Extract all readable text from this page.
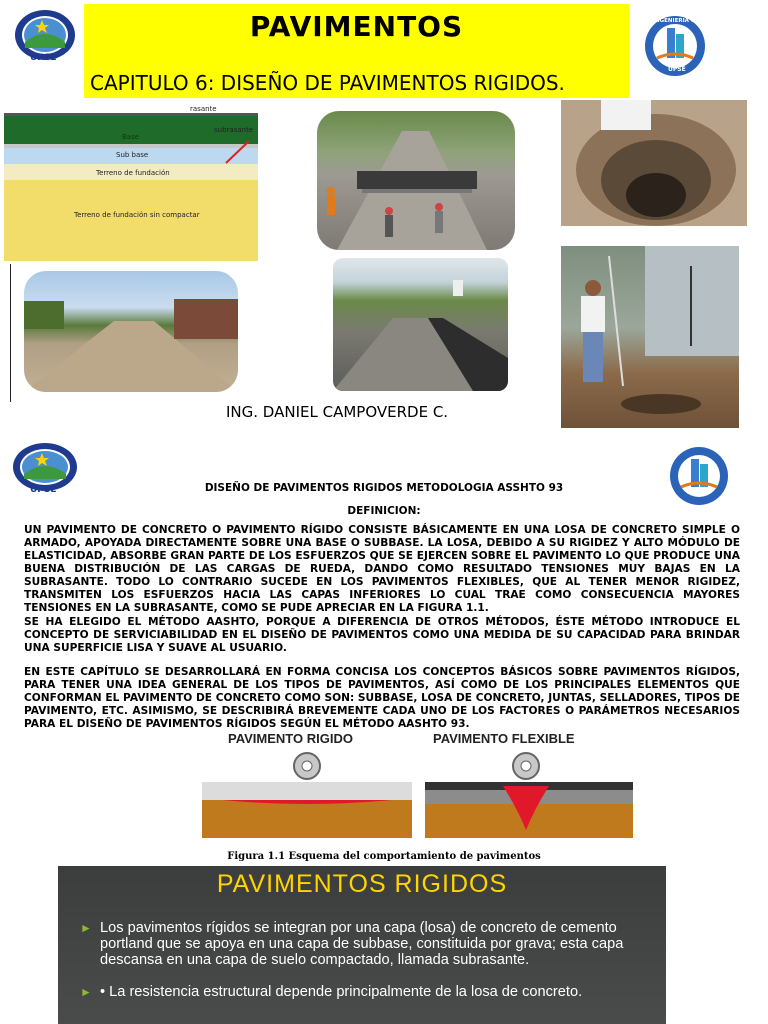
PAVIMENTOS
CAPITULO 6: DISEÑO DE PAVIMENTOS RIGIDOS.
UPSE
INGENIERIA CIVIL
UPSE
rasante
subrasante
Base
Sub base
Terreno de fundación
Terreno de fundación sin compactar
ING. DANIEL CAMPOVERDE C.
UPSE	DISEÑO DE PAVIMENTOS RIGIDOS METODOLOGIA ASSHTO 93
DEFINICION:
UN PAVIMENTO DE CONCRETO O PAVIMENTO RÍGIDO CONSISTE BÁSICAMENTE EN UNA LOSA DE CONCRETO SIMPLE O ARMADO, APOYADA DIRECTAMENTE SOBRE UNA BASE O SUBBASE. LA LOSA, DEBIDO A SU RIGIDEZ Y ALTO MÓDULO DE ELASTICIDAD, ABSORBE GRAN PARTE DE LOS ESFUERZOS QUE SE EJERCEN SOBRE EL PAVIMENTO LO QUE PRODUCE UNA BUENA DISTRIBUCIÓN DE LAS CARGAS DE RUEDA, DANDO COMO RESULTADO TENSIONES MUY BAJAS EN LA SUBRASANTE. TODO LO CONTRARIO SUCEDE EN LOS PAVIMENTOS FLEXIBLES, QUE AL TENER MENOR RIGIDEZ, TRANSMITEN LOS ESFUERZOS HACIA LAS CAPAS INFERIORES LO CUAL TRAE COMO CONSECUENCIA MAYORES TENSIONES EN LA SUBRASANTE, COMO SE PUDE APRECIAR EN LA FIGURA 1.1.
SE HA ELEGIDO EL MÉTODO AASHTO, PORQUE A DIFERENCIA DE OTROS MÉTODOS, ÉSTE MÉTODO INTRODUCE EL CONCEPTO DE SERVICIABILIDAD EN EL DISEÑO DE PAVIMENTOS COMO UNA MEDIDA DE SU CAPACIDAD PARA BRINDAR UNA SUPERFICIE LISA Y SUAVE AL USUARIO.
EN ESTE CAPÍTULO SE DESARROLLARÁ EN FORMA CONCISA LOS CONCEPTOS BÁSICOS SOBRE PAVIMENTOS RÍGIDOS, PARA TENER UNA IDEA GENERAL DE LOS TIPOS DE PAVIMENTOS, ASÍ COMO DE LOS PRINCIPALES ELEMENTOS QUE CONFORMAN EL PAVIMENTO DE CONCRETO COMO SON: SUBBASE, LOSA DE CONCRETO, JUNTAS, SELLADORES, TIPOS DE PAVIMENTO, ETC. ASIMISMO, SE DESCRIBIRÁ BREVEMENTE CADA UNO DE LOS FACTORES O PARÁMETROS NECESARIOS PARA EL DISEÑO DE PAVIMENTOS RÍGIDOS SEGÚN EL MÉTODO AASHTO 93.
PAVIMENTO RIGIDO	PAVIMENTO FLEXIBLE
Figura 1.1 Esquema del comportamiento de pavimentos
PAVIMENTOS RIGIDOS
► Los pavimentos rígidos se integran por una capa (losa) de concreto de cemento portland que se apoya en una capa de subbase, constituida por grava; esta capa descansa en una capa de suelo compactado, llamada subrasante.
► • La resistencia estructural depende principalmente de la losa de concreto.
